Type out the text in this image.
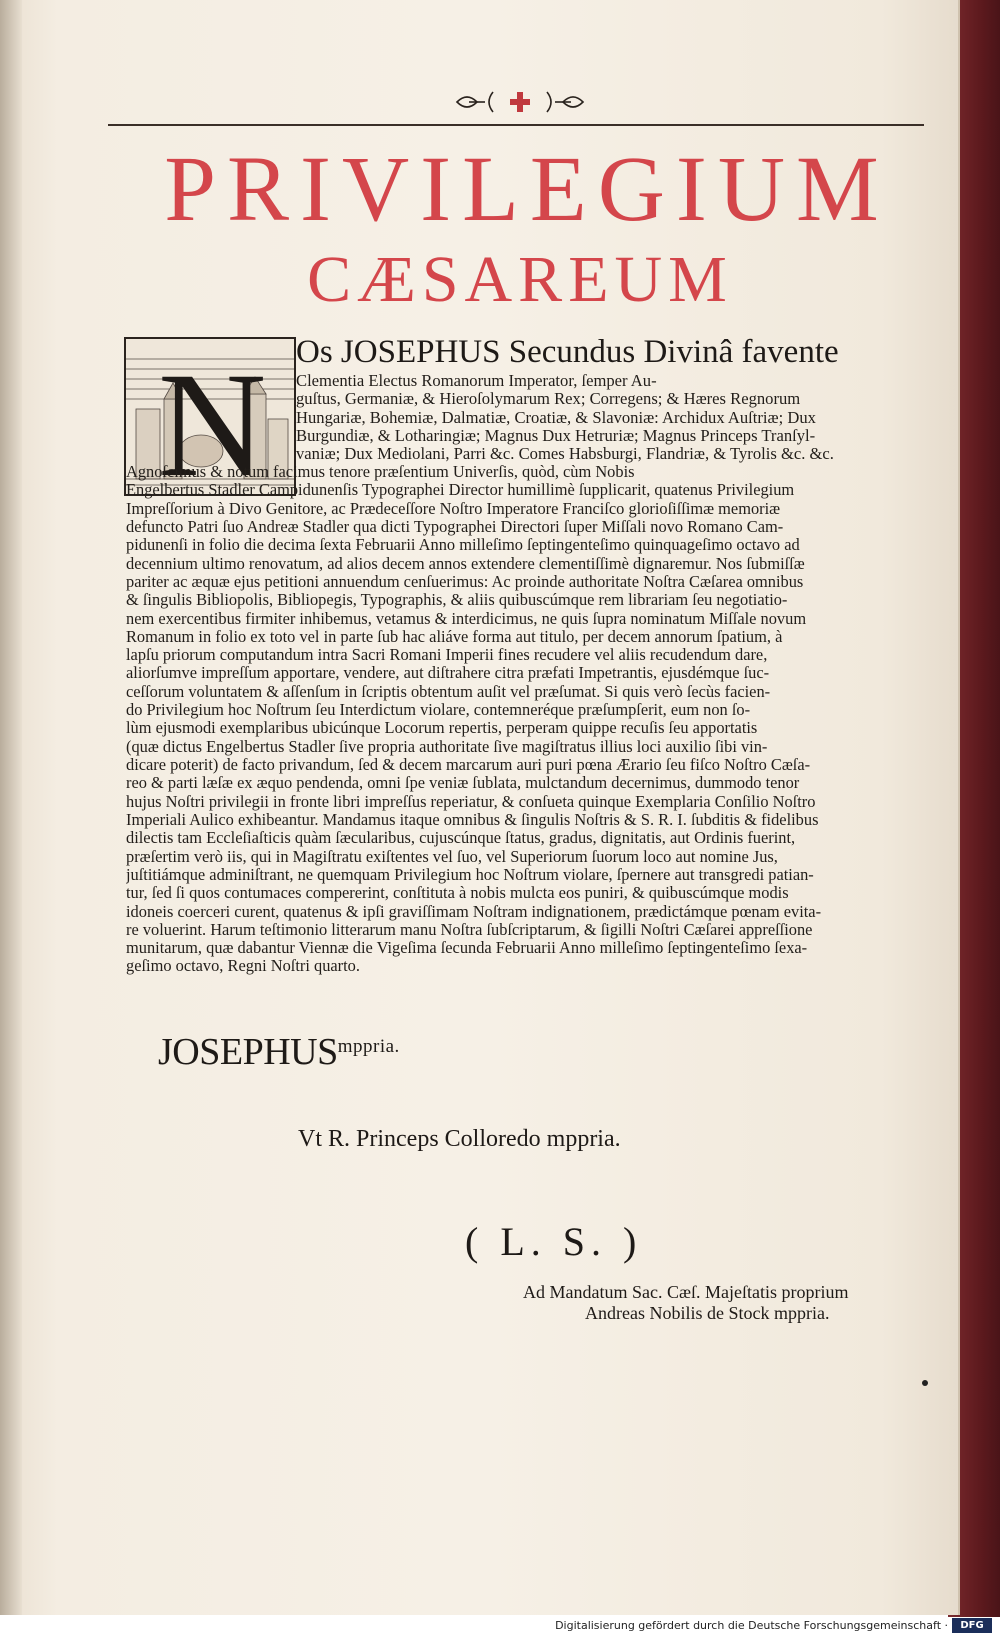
PRIVILEGIUM
CÆSAREUM
N Os JOSEPHUS Secundus Divinâ favente
Clementia Electus Romanorum Imperator, ſemper Au-
guſtus, Germaniæ, & Hieroſolymarum Rex; Corregens; & Hæres Regnorum
Hungariæ, Bohemiæ, Dalmatiæ, Croatiæ, & Slavoniæ: Archidux Auſtriæ; Dux
Burgundiæ, & Lotharingiæ; Magnus Dux Hetruriæ; Magnus Princeps Tranſyl-
vaniæ; Dux Mediolani, Parri &c. Comes Habsburgi, Flandriæ, & Tyrolis &c. &c.
Agnoſcimus & notum facimus tenore præſentium Univerſis, quòd, cùm Nobis
Engelbertus Stadler Campidunenſis Typographei Director humillimè ſupplicarit, quatenus Privilegium
Impreſſorium à Divo Genitore, ac Prædeceſſore Noſtro Imperatore Franciſco glorioſiſſimæ memoriæ
defuncto Patri ſuo Andreæ Stadler qua dicti Typographei Directori ſuper Miſſali novo Romano Cam-
pidunenſi in folio die decima ſexta Februarii Anno milleſimo ſeptingenteſimo quinquageſimo octavo ad
decennium ultimo renovatum, ad alios decem annos extendere clementiſſimè dignaremur. Nos ſubmiſſæ
pariter ac æquæ ejus petitioni annuendum cenſuerimus: Ac proinde authoritate Noſtra Cæſarea omnibus
& ſingulis Bibliopolis, Bibliopegis, Typographis, & aliis quibuscúmque rem librariam ſeu negotiatio-
nem exercentibus firmiter inhibemus, vetamus & interdicimus, ne quis ſupra nominatum Miſſale novum
Romanum in folio ex toto vel in parte ſub hac aliáve forma aut titulo, per decem annorum ſpatium, à
lapſu priorum computandum intra Sacri Romani Imperii fines recudere vel aliis recudendum dare,
aliorſumve impreſſum apportare, vendere, aut diſtrahere citra præfati Impetrantis, ejusdémque ſuc-
ceſſorum voluntatem & aſſenſum in ſcriptis obtentum auſit vel præſumat. Si quis verò ſecùs facien-
do Privilegium hoc Noſtrum ſeu Interdictum violare, contemneréque præſumpſerit, eum non ſo-
lùm ejusmodi exemplaribus ubicúnque Locorum repertis, perperam quippe recuſis ſeu apportatis
(quæ dictus Engelbertus Stadler ſive propria authoritate ſive magiſtratus illius loci auxilio ſibi vin-
dicare poterit) de facto privandum, ſed & decem marcarum auri puri pœna Ærario ſeu fiſco Noſtro Cæſa-
reo & parti læſæ ex æquo pendenda, omni ſpe veniæ ſublata, mulctandum decernimus, dummodo tenor
hujus Noſtri privilegii in fronte libri impreſſus reperiatur, & conſueta quinque Exemplaria Conſilio Noſtro
Imperiali Aulico exhibeantur. Mandamus itaque omnibus & ſingulis Noſtris & S. R. I. ſubditis & fidelibus
dilectis tam Eccleſiaſticis quàm ſæcularibus, cujuscúnque ſtatus, gradus, dignitatis, aut Ordinis fuerint,
præſertim verò iis, qui in Magiſtratu exiſtentes vel ſuo, vel Superiorum ſuorum loco aut nomine Jus,
juſtitiámque adminiſtrant, ne quemquam Privilegium hoc Noſtrum violare, ſpernere aut transgredi patian-
tur, ſed ſi quos contumaces compererint, conſtituta à nobis mulcta eos puniri, & quibuscúmque modis
idoneis coerceri curent, quatenus & ipſi graviſſimam Noſtram indignationem, prædictámque pœnam evita-
re voluerint. Harum teſtimonio litterarum manu Noſtra ſubſcriptarum, & ſigilli Noſtri Cæſarei appreſſione
munitarum, quæ dabantur Viennæ die Vigeſima ſecunda Februarii Anno milleſimo ſeptingenteſimo ſexa-
geſimo octavo, Regni Noſtri quarto.
$JOSEPHUS^{mppria.}$
Vt R. Princeps Colloredo mppria.
( L. S. )
Ad Mandatum Sac. Cæſ. Majeſtatis proprium
Andreas Nobilis de Stock mppria.
Digitalisierung gefördert durch die Deutsche Forschungsgemeinschaft ·	DFG
